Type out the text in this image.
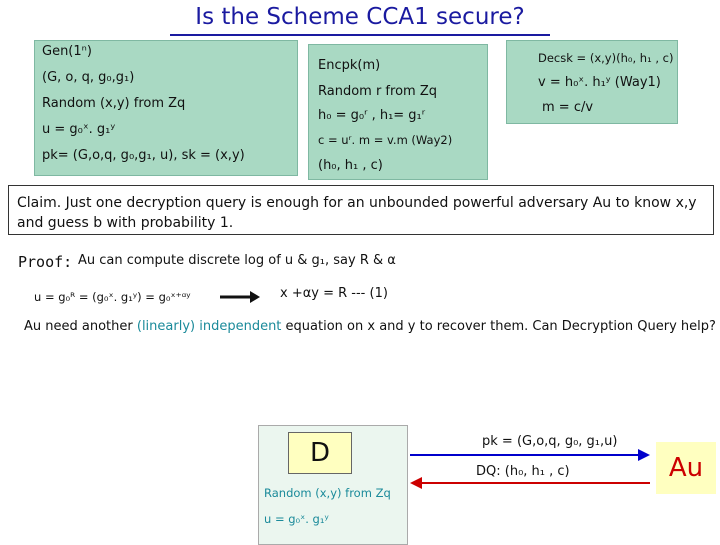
Is the Scheme CCA1 secure?
Gen(1ⁿ)
(G, o, q, g₀,g₁)
Random (x,y) from Zq
u = g₀ˣ. g₁ʸ
pk= (G,o,q, g₀,g₁, u), sk = (x,y)
Encpk(m)
Random r from Zq
h₀ = g₀ʳ , h₁= g₁ʳ
c = uʳ. m = v.m (Way2)
(h₀, h₁ , c)
Decsk = (x,y)(h₀, h₁ , c)
v = h₀ˣ. h₁ʸ (Way1)
m = c/v
Claim. Just one decryption query is enough for an unbounded powerful adversary Au to know x,y and guess b with probability 1.
Proof: Au can compute discrete log of u & g₁, say R & α
u = g₀ᴿ = (g₀ˣ. g₁ʸ) = g₀ˣ⁺ᵅʸ	x +αy = R --- (1)
Au need another (linearly) independent equation on x and y to recover them. Can Decryption Query help?
D
Random (x,y) from Zq
u = g₀ˣ. g₁ʸ
pk = (G,o,q, g₀, g₁,u)
DQ: (h₀, h₁ , c)	Au
